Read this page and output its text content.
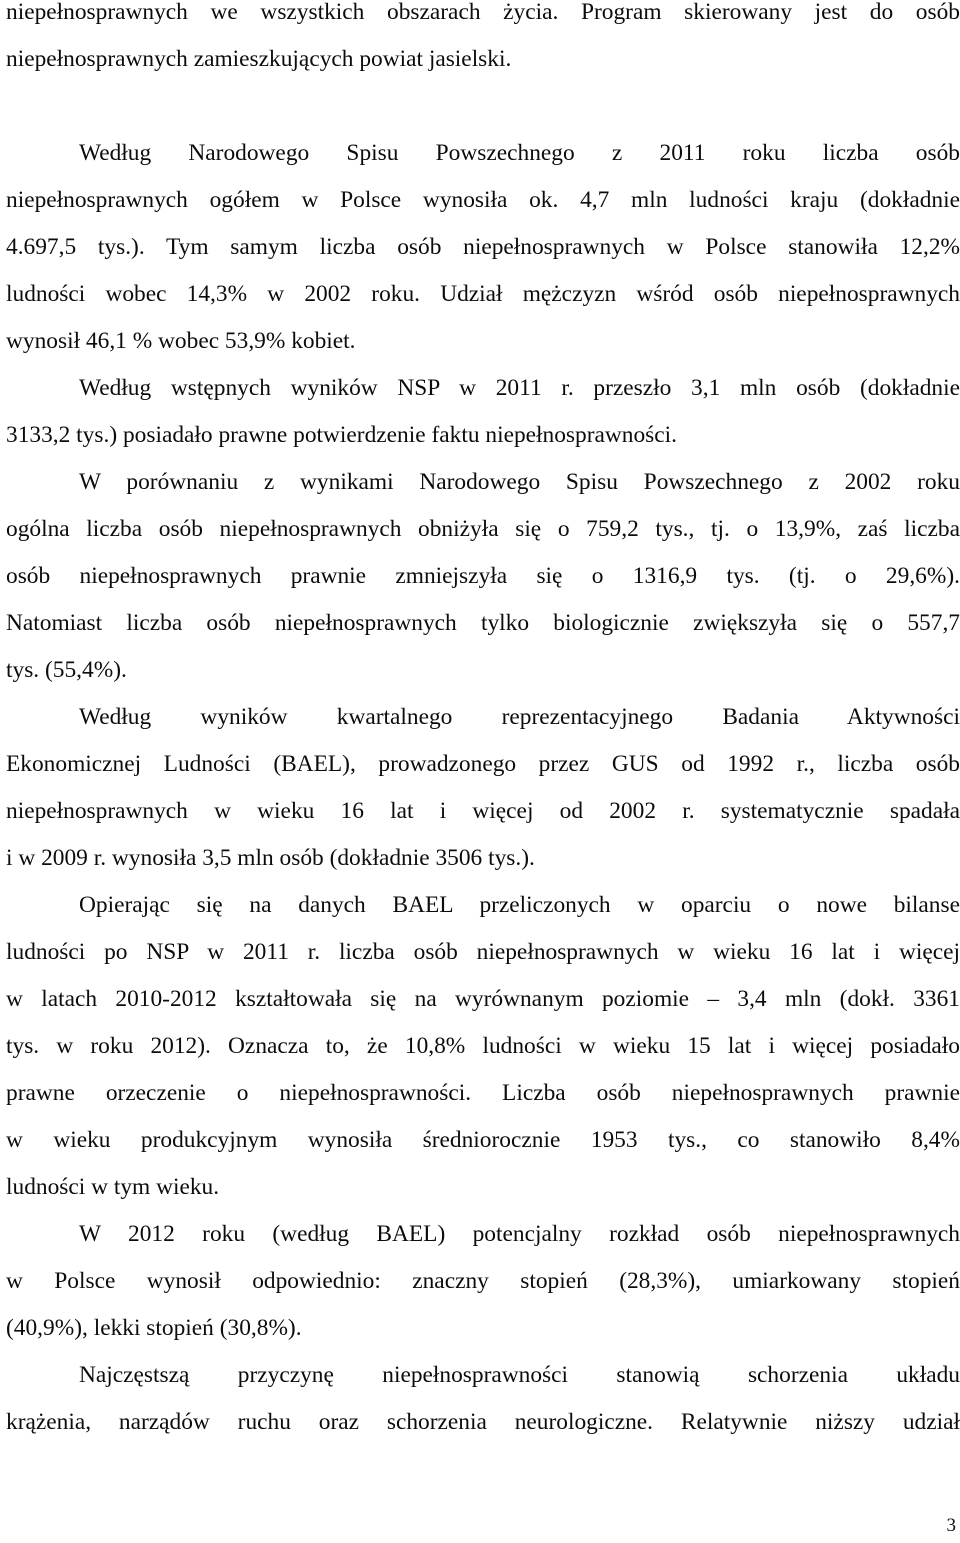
niepełnosprawnych we wszystkich obszarach życia. Program skierowany jest do osób
niepełnosprawnych zamieszkujących powiat jasielski.
Według Narodowego Spisu Powszechnego z 2011 roku liczba osób
niepełnosprawnych ogółem w Polsce wynosiła ok. 4,7 mln ludności kraju (dokładnie
4.697,5 tys.). Tym samym liczba osób niepełnosprawnych w Polsce stanowiła 12,2%
ludności wobec 14,3% w 2002 roku. Udział mężczyzn wśród osób niepełnosprawnych
wynosił 46,1 % wobec 53,9% kobiet.
Według wstępnych wyników NSP w 2011 r. przeszło 3,1 mln osób (dokładnie
3133,2 tys.) posiadało prawne potwierdzenie faktu niepełnosprawności.
W porównaniu z wynikami Narodowego Spisu Powszechnego z 2002 roku
ogólna liczba osób niepełnosprawnych obniżyła się o 759,2 tys., tj. o 13,9%, zaś liczba
osób niepełnosprawnych prawnie zmniejszyła się o 1316,9 tys. (tj. o 29,6%).
Natomiast liczba osób niepełnosprawnych tylko biologicznie zwiększyła się o 557,7
tys. (55,4%).
Według wyników kwartalnego reprezentacyjnego Badania Aktywności
Ekonomicznej Ludności (BAEL), prowadzonego przez GUS od 1992 r., liczba osób
niepełnosprawnych w wieku 16 lat i więcej od 2002 r. systematycznie spadała
i w 2009 r. wynosiła 3,5 mln osób (dokładnie 3506 tys.).
Opierając się na danych BAEL przeliczonych w oparciu o nowe bilanse
ludności po NSP w 2011 r. liczba osób niepełnosprawnych w wieku 16 lat i więcej
w latach 2010-2012 kształtowała się na wyrównanym poziomie – 3,4 mln (dokł. 3361
tys. w roku 2012). Oznacza to, że 10,8% ludności w wieku 15 lat i więcej posiadało
prawne orzeczenie o niepełnosprawności. Liczba osób niepełnosprawnych prawnie
w wieku produkcyjnym wynosiła średniorocznie 1953 tys., co stanowiło 8,4%
ludności w tym wieku.
W 2012 roku (według BAEL) potencjalny rozkład osób niepełnosprawnych
w Polsce wynosił odpowiednio: znaczny stopień (28,3%), umiarkowany stopień
(40,9%), lekki stopień (30,8%).
Najczęstszą przyczynę niepełnosprawności stanowią schorzenia układu
krążenia, narządów ruchu oraz schorzenia neurologiczne. Relatywnie niższy udział
3
